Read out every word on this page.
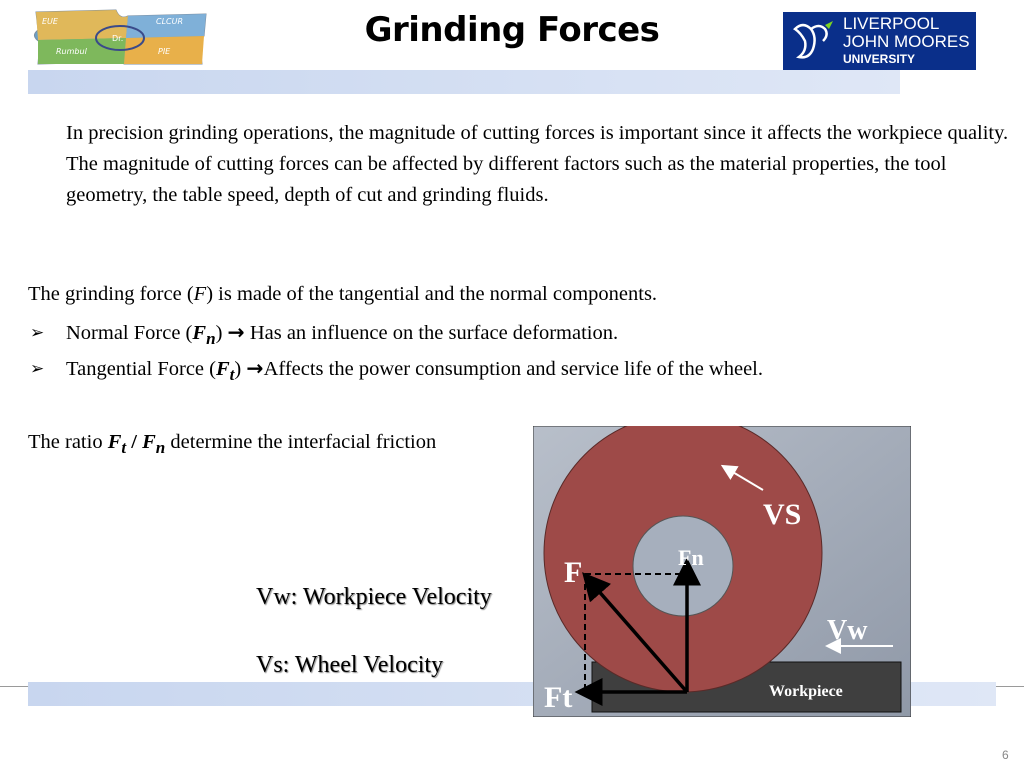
EUE	CLCUR
Dr.
Rumbul	PIE
Grinding Forces	LIVERPOOL
JOHN MOORES
UNIVERSITY
In precision grinding operations, the magnitude of cutting forces is important since it affects the workpiece quality. The magnitude of cutting forces can be affected by different factors such as the material properties, the tool geometry, the table speed, depth of cut and grinding fluids.
The grinding force (F) is made of the tangential and the normal components.
➢ Normal Force $(F_n)$ → Has an influence on the surface deformation.
➢ Tangential Force $(F_t)$ →Affects the power consumption and service life of the wheel.
The ratio $F_t / F_n$ determine the interfacial friction
Vw: Workpiece Velocity
Vs: Wheel Velocity
VS
Fn
F
Vw
Ft	Workpiece
6
